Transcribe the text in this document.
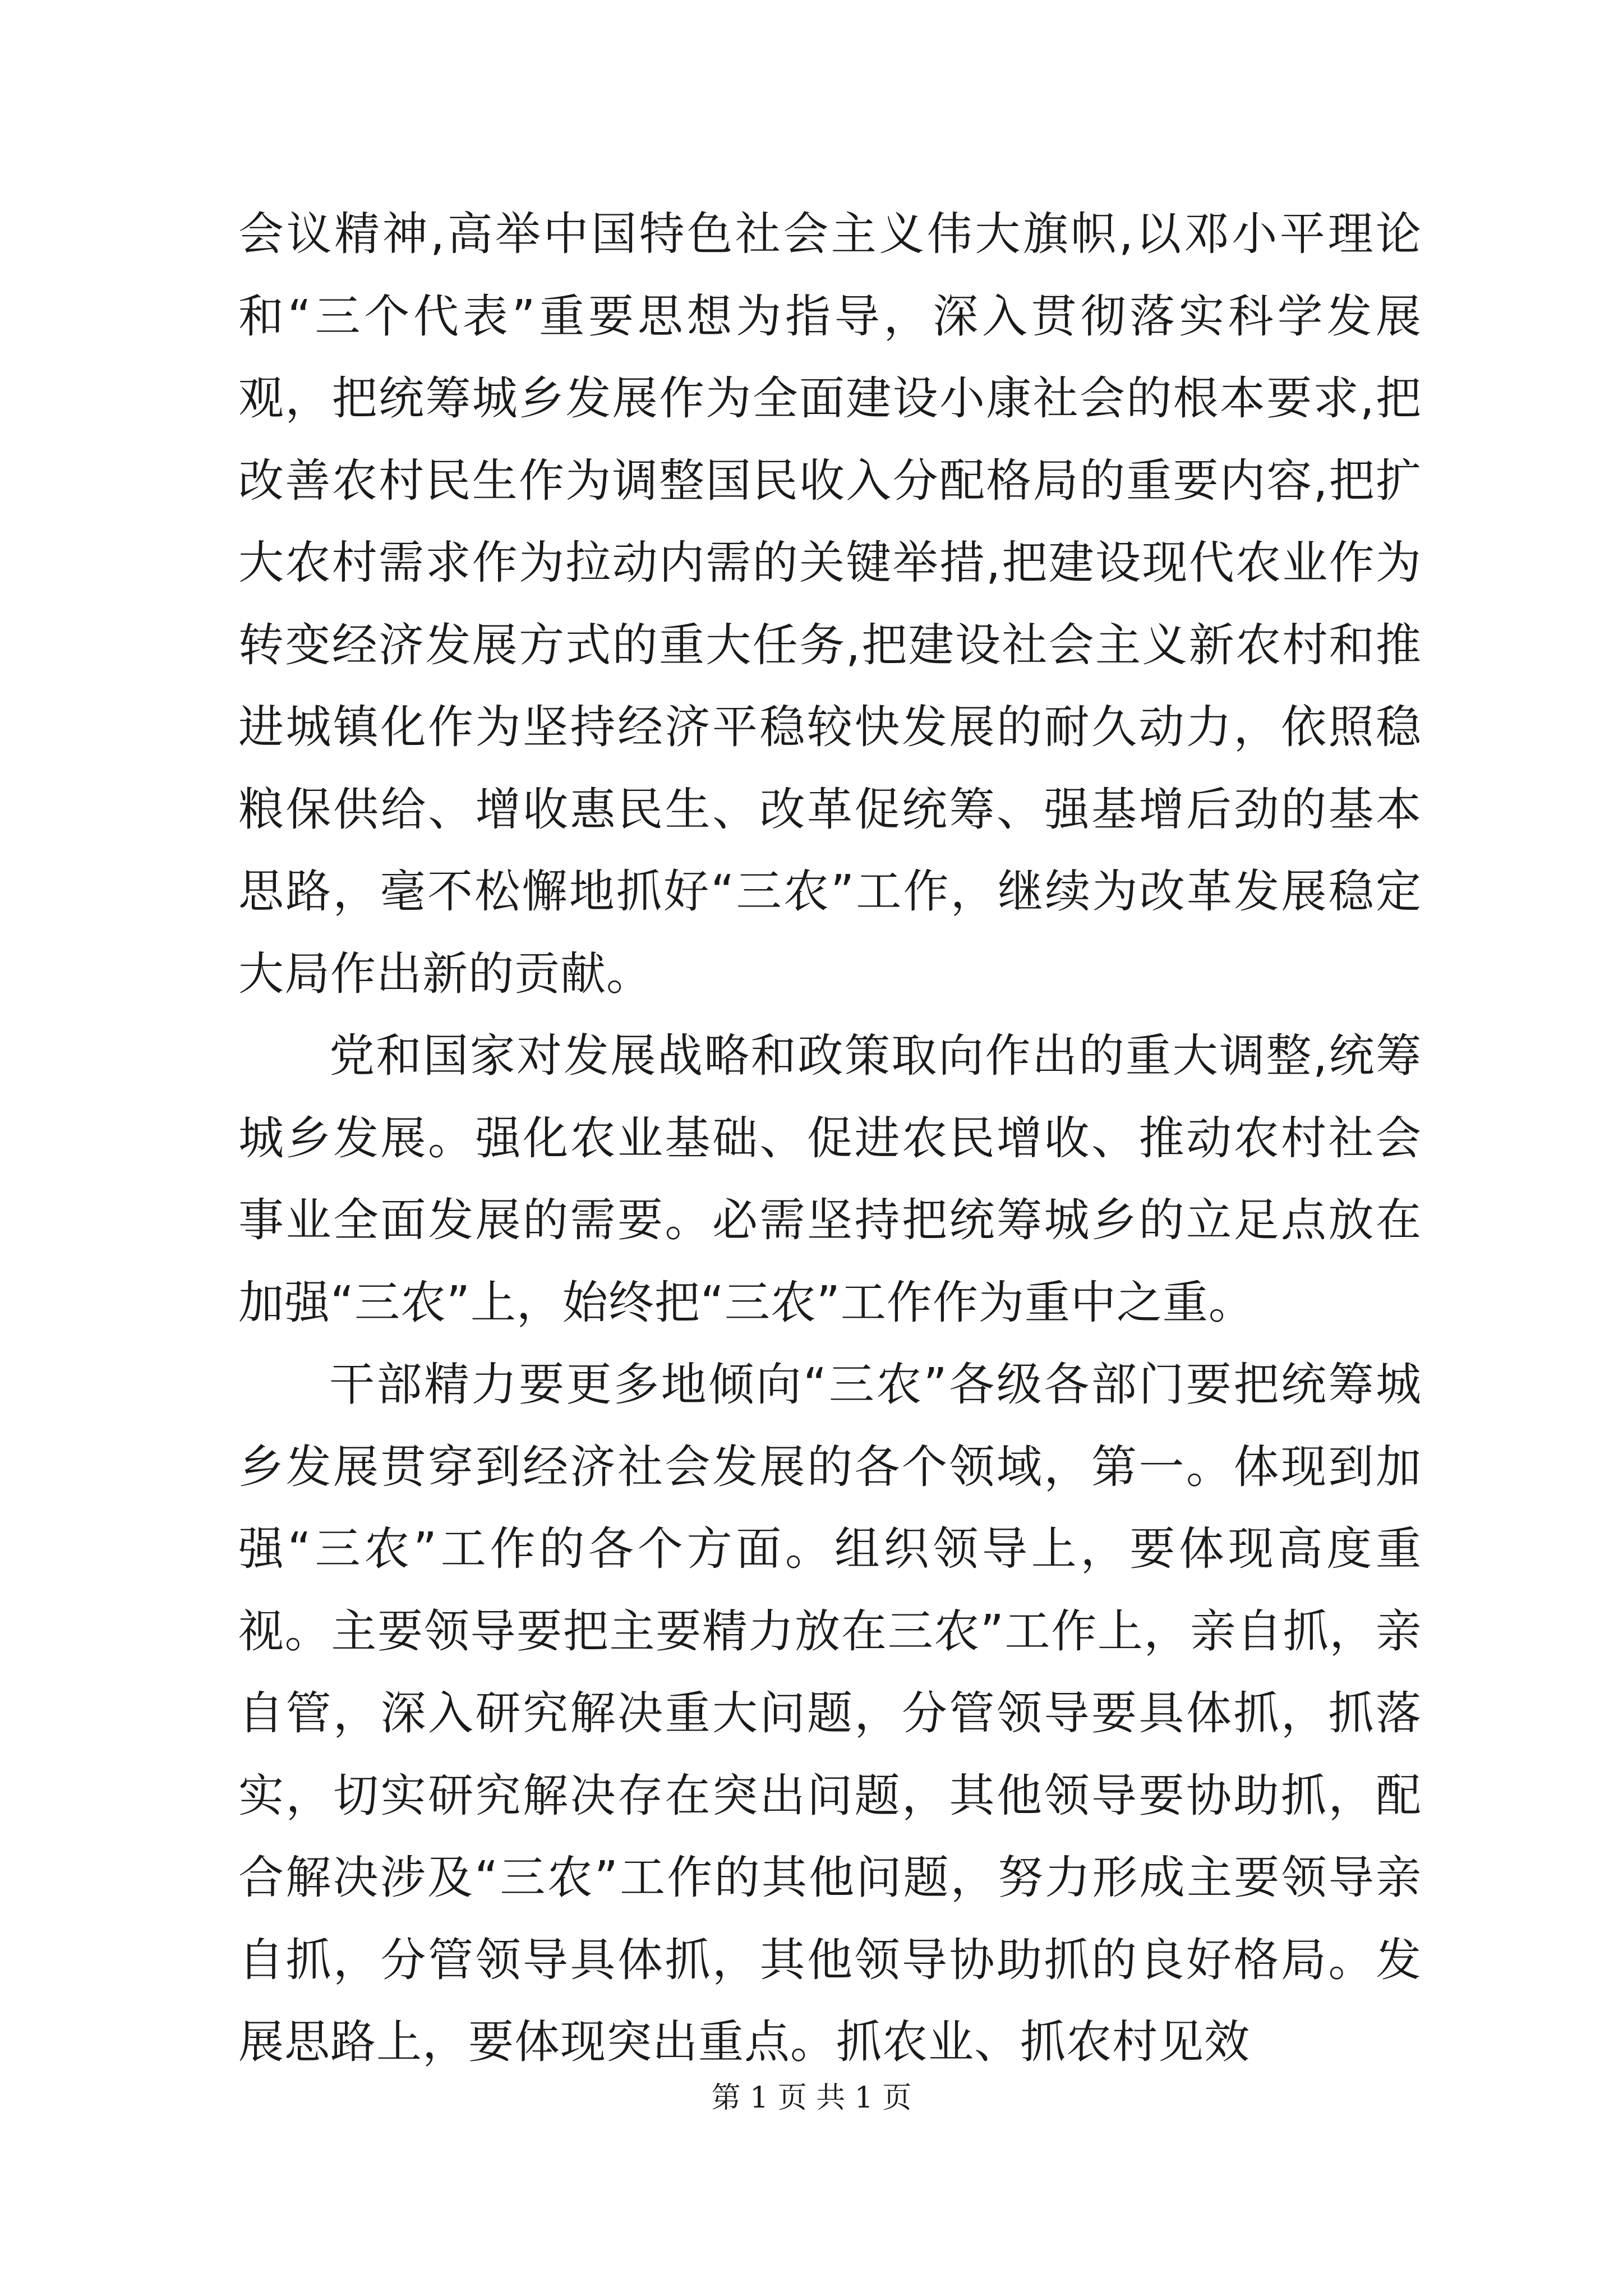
会议精神,高举中国特色社会主义伟大旗帜,以邓小平理论和“三个代表”重要思想为指导，深入贯彻落实科学发展观，把统筹城乡发展作为全面建设小康社会的根本要求,把改善农村民生作为调整国民收入分配格局的重要内容,把扩大农村需求作为拉动内需的关键举措,把建设现代农业作为转变经济发展方式的重大任务,把建设社会主义新农村和推进城镇化作为坚持经济平稳较快发展的耐久动力，依照稳粮保供给、增收惠民生、改革促统筹、强基增后劲的基本思路，毫不松懈地抓好“三农”工作，继续为改革发展稳定大局作出新的贡献。

党和国家对发展战略和政策取向作出的重大调整,统筹城乡发展。强化农业基础、促进农民增收、推动农村社会事业全面发展的需要。必需坚持把统筹城乡的立足点放在加强“三农”上，始终把“三农”工作作为重中之重。

干部精力要更多地倾向“三农”各级各部门要把统筹城乡发展贯穿到经济社会发展的各个领域，第一。体现到加强“三农”工作的各个方面。组织领导上，要体现高度重视。主要领导要把主要精力放在三农”工作上，亲自抓，亲自管，深入研究解决重大问题，分管领导要具体抓，抓落实，切实研究解决存在突出问题，其他领导要协助抓，配合解决涉及“三农”工作的其他问题，努力形成主要领导亲自抓，分管领导具体抓，其他领导协助抓的良好格局。发展思路上，要体现突出重点。抓农业、抓农村见效

第 1 页 共 1 页
